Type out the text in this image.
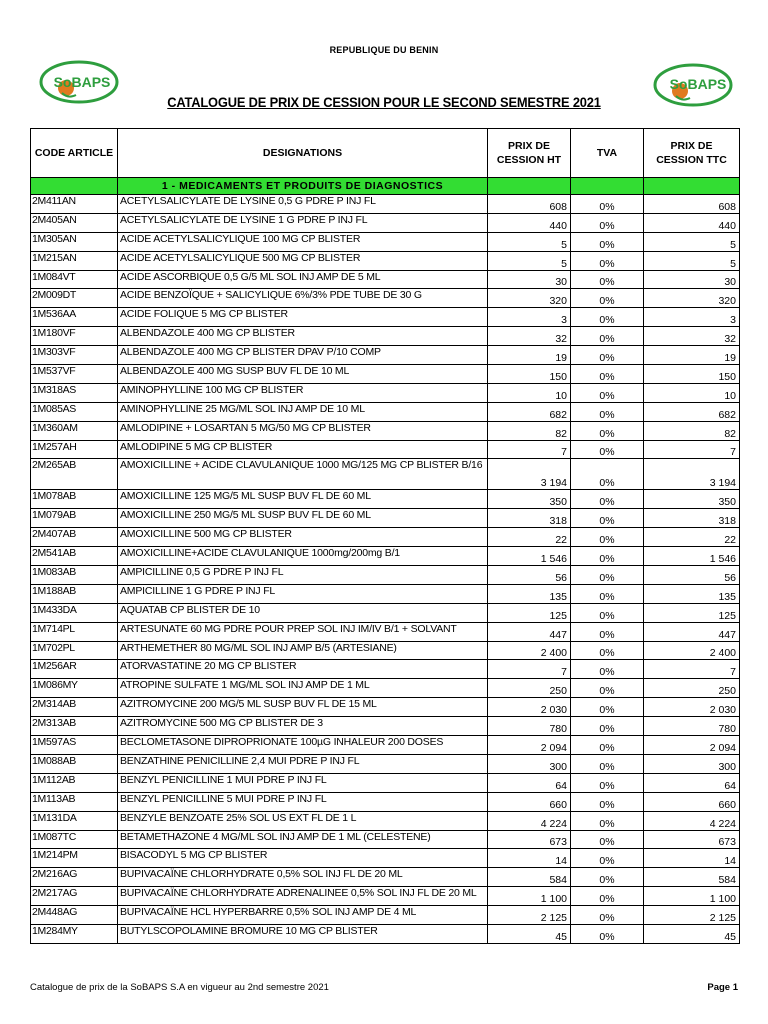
REPUBLIQUE DU BENIN
SoBAPS	SoBAPS
CATALOGUE DE PRIX DE CESSION POUR LE SECOND SEMESTRE 2021
CODE ARTICLE	DESIGNATIONS	PRIX DE CESSION HT	TVA	PRIX DE CESSION TTC
	1 - MEDICAMENTS ET PRODUITS DE DIAGNOSTICS			
2M411AN	ACETYLSALICYLATE DE LYSINE 0,5 G PDRE P INJ FL	608	0%	608
2M405AN	ACETYLSALICYLATE DE LYSINE 1 G PDRE P INJ FL	440	0%	440
1M305AN	ACIDE ACETYLSALICYLIQUE 100 MG CP BLISTER	5	0%	5
1M215AN	ACIDE ACETYLSALICYLIQUE 500 MG CP BLISTER	5	0%	5
1M084VT	ACIDE ASCORBIQUE 0,5 G/5 ML SOL INJ AMP DE 5 ML	30	0%	30
2M009DT	ACIDE BENZOÏQUE + SALICYLIQUE 6%/3% PDE TUBE DE 30 G	320	0%	320
1M536AA	ACIDE FOLIQUE 5 MG CP BLISTER	3	0%	3
1M180VF	ALBENDAZOLE 400 MG CP BLISTER	32	0%	32
1M303VF	ALBENDAZOLE 400 MG CP BLISTER DPAV P/10 COMP	19	0%	19
1M537VF	ALBENDAZOLE 400 MG SUSP BUV FL DE 10 ML	150	0%	150
1M318AS	AMINOPHYLLINE 100 MG CP BLISTER	10	0%	10
1M085AS	AMINOPHYLLINE 25 MG/ML SOL INJ AMP DE 10 ML	682	0%	682
1M360AM	AMLODIPINE + LOSARTAN 5 MG/50 MG CP BLISTER	82	0%	82
1M257AH	AMLODIPINE 5 MG CP BLISTER	7	0%	7
2M265AB	AMOXICILLINE + ACIDE CLAVULANIQUE 1000 MG/125 MG CP BLISTER B/16	3 194	0%	3 194
1M078AB	AMOXICILLINE 125 MG/5 ML SUSP BUV FL DE 60 ML	350	0%	350
1M079AB	AMOXICILLINE 250 MG/5 ML SUSP BUV FL DE 60 ML	318	0%	318
2M407AB	AMOXICILLINE 500 MG CP BLISTER	22	0%	22
2M541AB	AMOXICILLINE+ACIDE CLAVULANIQUE 1000mg/200mg B/1	1 546	0%	1 546
1M083AB	AMPICILLINE 0,5 G PDRE P INJ FL	56	0%	56
1M188AB	AMPICILLINE 1 G PDRE P INJ FL	135	0%	135
1M433DA	AQUATAB CP BLISTER DE 10	125	0%	125
1M714PL	ARTESUNATE 60 MG PDRE POUR PREP SOL INJ IM/IV B/1 + SOLVANT	447	0%	447
1M702PL	ARTHEMETHER 80 MG/ML SOL INJ AMP B/5 (ARTESIANE)	2 400	0%	2 400
1M256AR	ATORVASTATINE 20 MG CP BLISTER	7	0%	7
1M086MY	ATROPINE SULFATE 1 MG/ML SOL INJ AMP DE 1 ML	250	0%	250
2M314AB	AZITROMYCINE 200 MG/5 ML SUSP BUV FL DE 15 ML	2 030	0%	2 030
2M313AB	AZITROMYCINE 500 MG CP BLISTER DE 3	780	0%	780
1M597AS	BECLOMETASONE DIPROPRIONATE 100µG INHALEUR 200 DOSES	2 094	0%	2 094
1M088AB	BENZATHINE PENICILLINE 2,4 MUI PDRE P INJ FL	300	0%	300
1M112AB	BENZYL PENICILLINE 1 MUI PDRE P INJ FL	64	0%	64
1M113AB	BENZYL PENICILLINE 5 MUI PDRE P INJ FL	660	0%	660
1M131DA	BENZYLE BENZOATE 25% SOL US EXT FL DE 1 L	4 224	0%	4 224
1M087TC	BETAMETHAZONE 4 MG/ML SOL INJ AMP DE 1 ML (CELESTENE)	673	0%	673
1M214PM	BISACODYL 5 MG CP BLISTER	14	0%	14
2M216AG	BUPIVACAÏNE CHLORHYDRATE 0,5% SOL INJ FL DE 20 ML	584	0%	584
2M217AG	BUPIVACAÏNE CHLORHYDRATE ADRENALINEE 0,5% SOL INJ FL DE 20 ML	1 100	0%	1 100
2M448AG	BUPIVACAÏNE HCL HYPERBARRE 0,5% SOL INJ AMP DE 4 ML	2 125	0%	2 125
1M284MY	BUTYLSCOPOLAMINE BROMURE 10 MG CP BLISTER	45	0%	45
Catalogue de prix de la SoBAPS S.A en vigueur au 2nd semestre 2021	Page 1
